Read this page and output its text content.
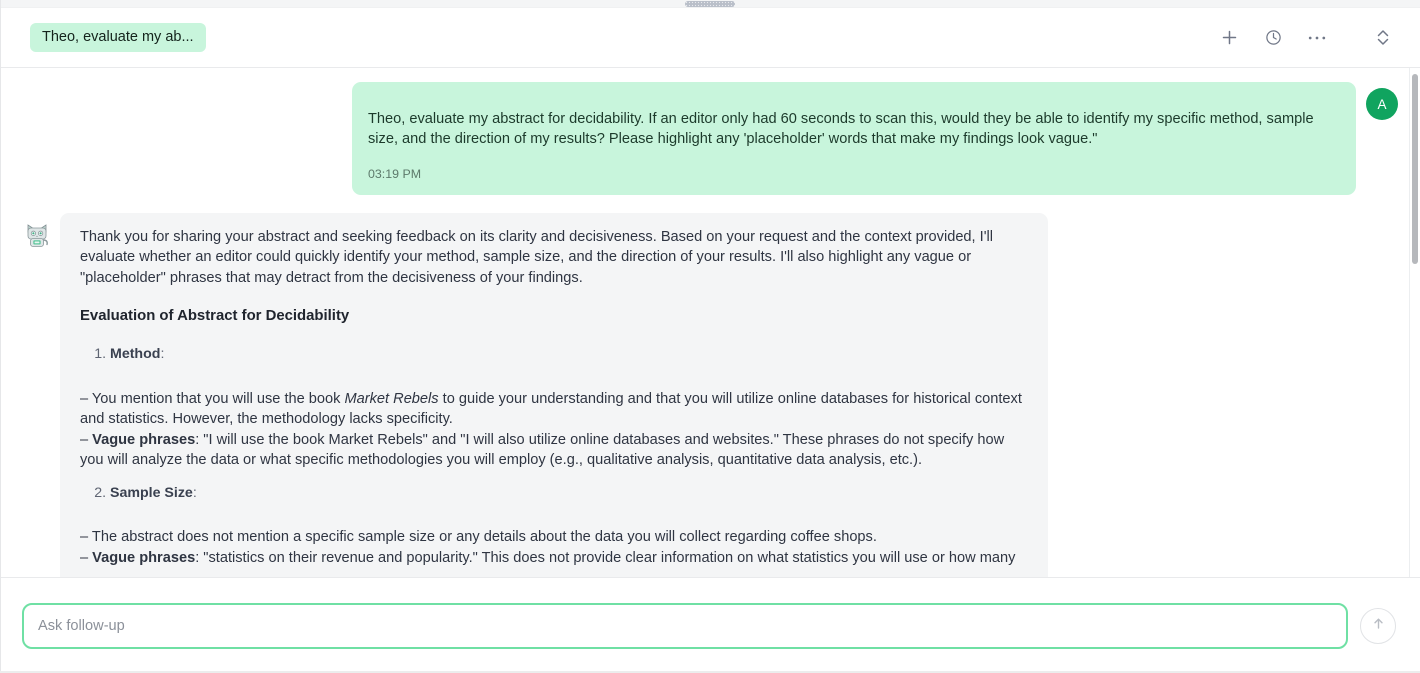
Theo, evaluate my ab...

Theo, evaluate my abstract for decidability. If an editor only had 60 seconds to scan this, would they be able to identify my specific method, sample size, and the direction of my results? Please highlight any 'placeholder' words that make my findings look vague."

03:19 PM
A

Thank you for sharing your abstract and seeking feedback on its clarity and decisiveness. Based on your request and the context provided, I'll evaluate whether an editor could quickly identify your method, sample size, and the direction of your results. I'll also highlight any vague or "placeholder" phrases that may detract from the decisiveness of your findings.

Evaluation of Abstract for Decidability
1. Method:
– You mention that you will use the book Market Rebels to guide your understanding and that you will utilize online databases for historical context and statistics. However, the methodology lacks specificity.
– Vague phrases: "I will use the book Market Rebels" and "I will also utilize online databases and websites." These phrases do not specify how you will analyze the data or what specific methodologies you will employ (e.g., qualitative analysis, quantitative data analysis, etc.).
2. Sample Size:
– The abstract does not mention a specific sample size or any details about the data you will collect regarding coffee shops.
– Vague phrases: "statistics on their revenue and popularity." This does not provide clear information on what statistics you will use or how many
Ask follow-up
